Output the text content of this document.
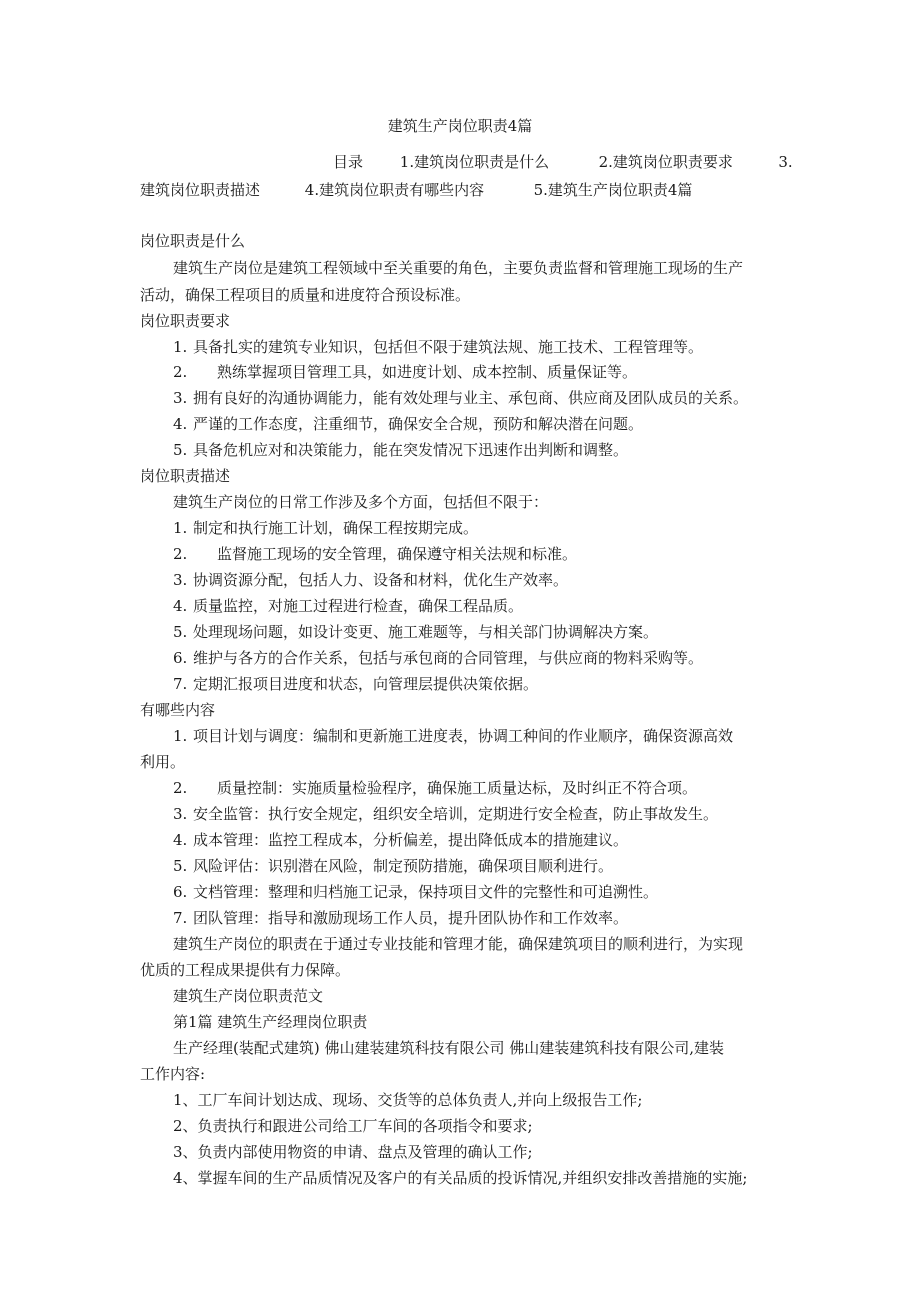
建筑生产岗位职责4篇
目录 1.建筑岗位职责是什么	2.建筑岗位职责要求	3.
建筑岗位职责描述	4.建筑岗位职责有哪些内容	5.建筑生产岗位职责4篇
岗位职责是什么
建筑生产岗位是建筑工程领域中至关重要的角色，主要负责监督和管理施工现场的生产
活动，确保工程项目的质量和进度符合预设标准。
岗位职责要求
1. 具备扎实的建筑专业知识，包括但不限于建筑法规、施工技术、工程管理等。
2. 熟练掌握项目管理工具，如进度计划、成本控制、质量保证等。
3. 拥有良好的沟通协调能力，能有效处理与业主、承包商、供应商及团队成员的关系。
4. 严谨的工作态度，注重细节，确保安全合规，预防和解决潜在问题。
5. 具备危机应对和决策能力，能在突发情况下迅速作出判断和调整。
岗位职责描述
建筑生产岗位的日常工作涉及多个方面，包括但不限于：
1. 制定和执行施工计划，确保工程按期完成。
2. 监督施工现场的安全管理，确保遵守相关法规和标准。
3. 协调资源分配，包括人力、设备和材料，优化生产效率。
4. 质量监控，对施工过程进行检查，确保工程品质。
5. 处理现场问题，如设计变更、施工难题等，与相关部门协调解决方案。
6. 维护与各方的合作关系，包括与承包商的合同管理，与供应商的物料采购等。
7. 定期汇报项目进度和状态，向管理层提供决策依据。
有哪些内容
1. 项目计划与调度：编制和更新施工进度表，协调工种间的作业顺序，确保资源高效
利用。
2. 质量控制：实施质量检验程序，确保施工质量达标，及时纠正不符合项。
3. 安全监管：执行安全规定，组织安全培训，定期进行安全检查，防止事故发生。
4. 成本管理：监控工程成本，分析偏差，提出降低成本的措施建议。
5. 风险评估：识别潜在风险，制定预防措施，确保项目顺利进行。
6. 文档管理：整理和归档施工记录，保持项目文件的完整性和可追溯性。
7. 团队管理：指导和激励现场工作人员，提升团队协作和工作效率。
建筑生产岗位的职责在于通过专业技能和管理才能，确保建筑项目的顺利进行，为实现
优质的工程成果提供有力保障。
建筑生产岗位职责范文
第1篇 建筑生产经理岗位职责
生产经理(装配式建筑) 佛山建装建筑科技有限公司 佛山建装建筑科技有限公司,建装
工作内容:
1、工厂车间计划达成、现场、交货等的总体负责人,并向上级报告工作;
2、负责执行和跟进公司给工厂车间的各项指令和要求;
3、负责内部使用物资的申请、盘点及管理的确认工作;
4、掌握车间的生产品质情况及客户的有关品质的投诉情况,并组织安排改善措施的实施;
